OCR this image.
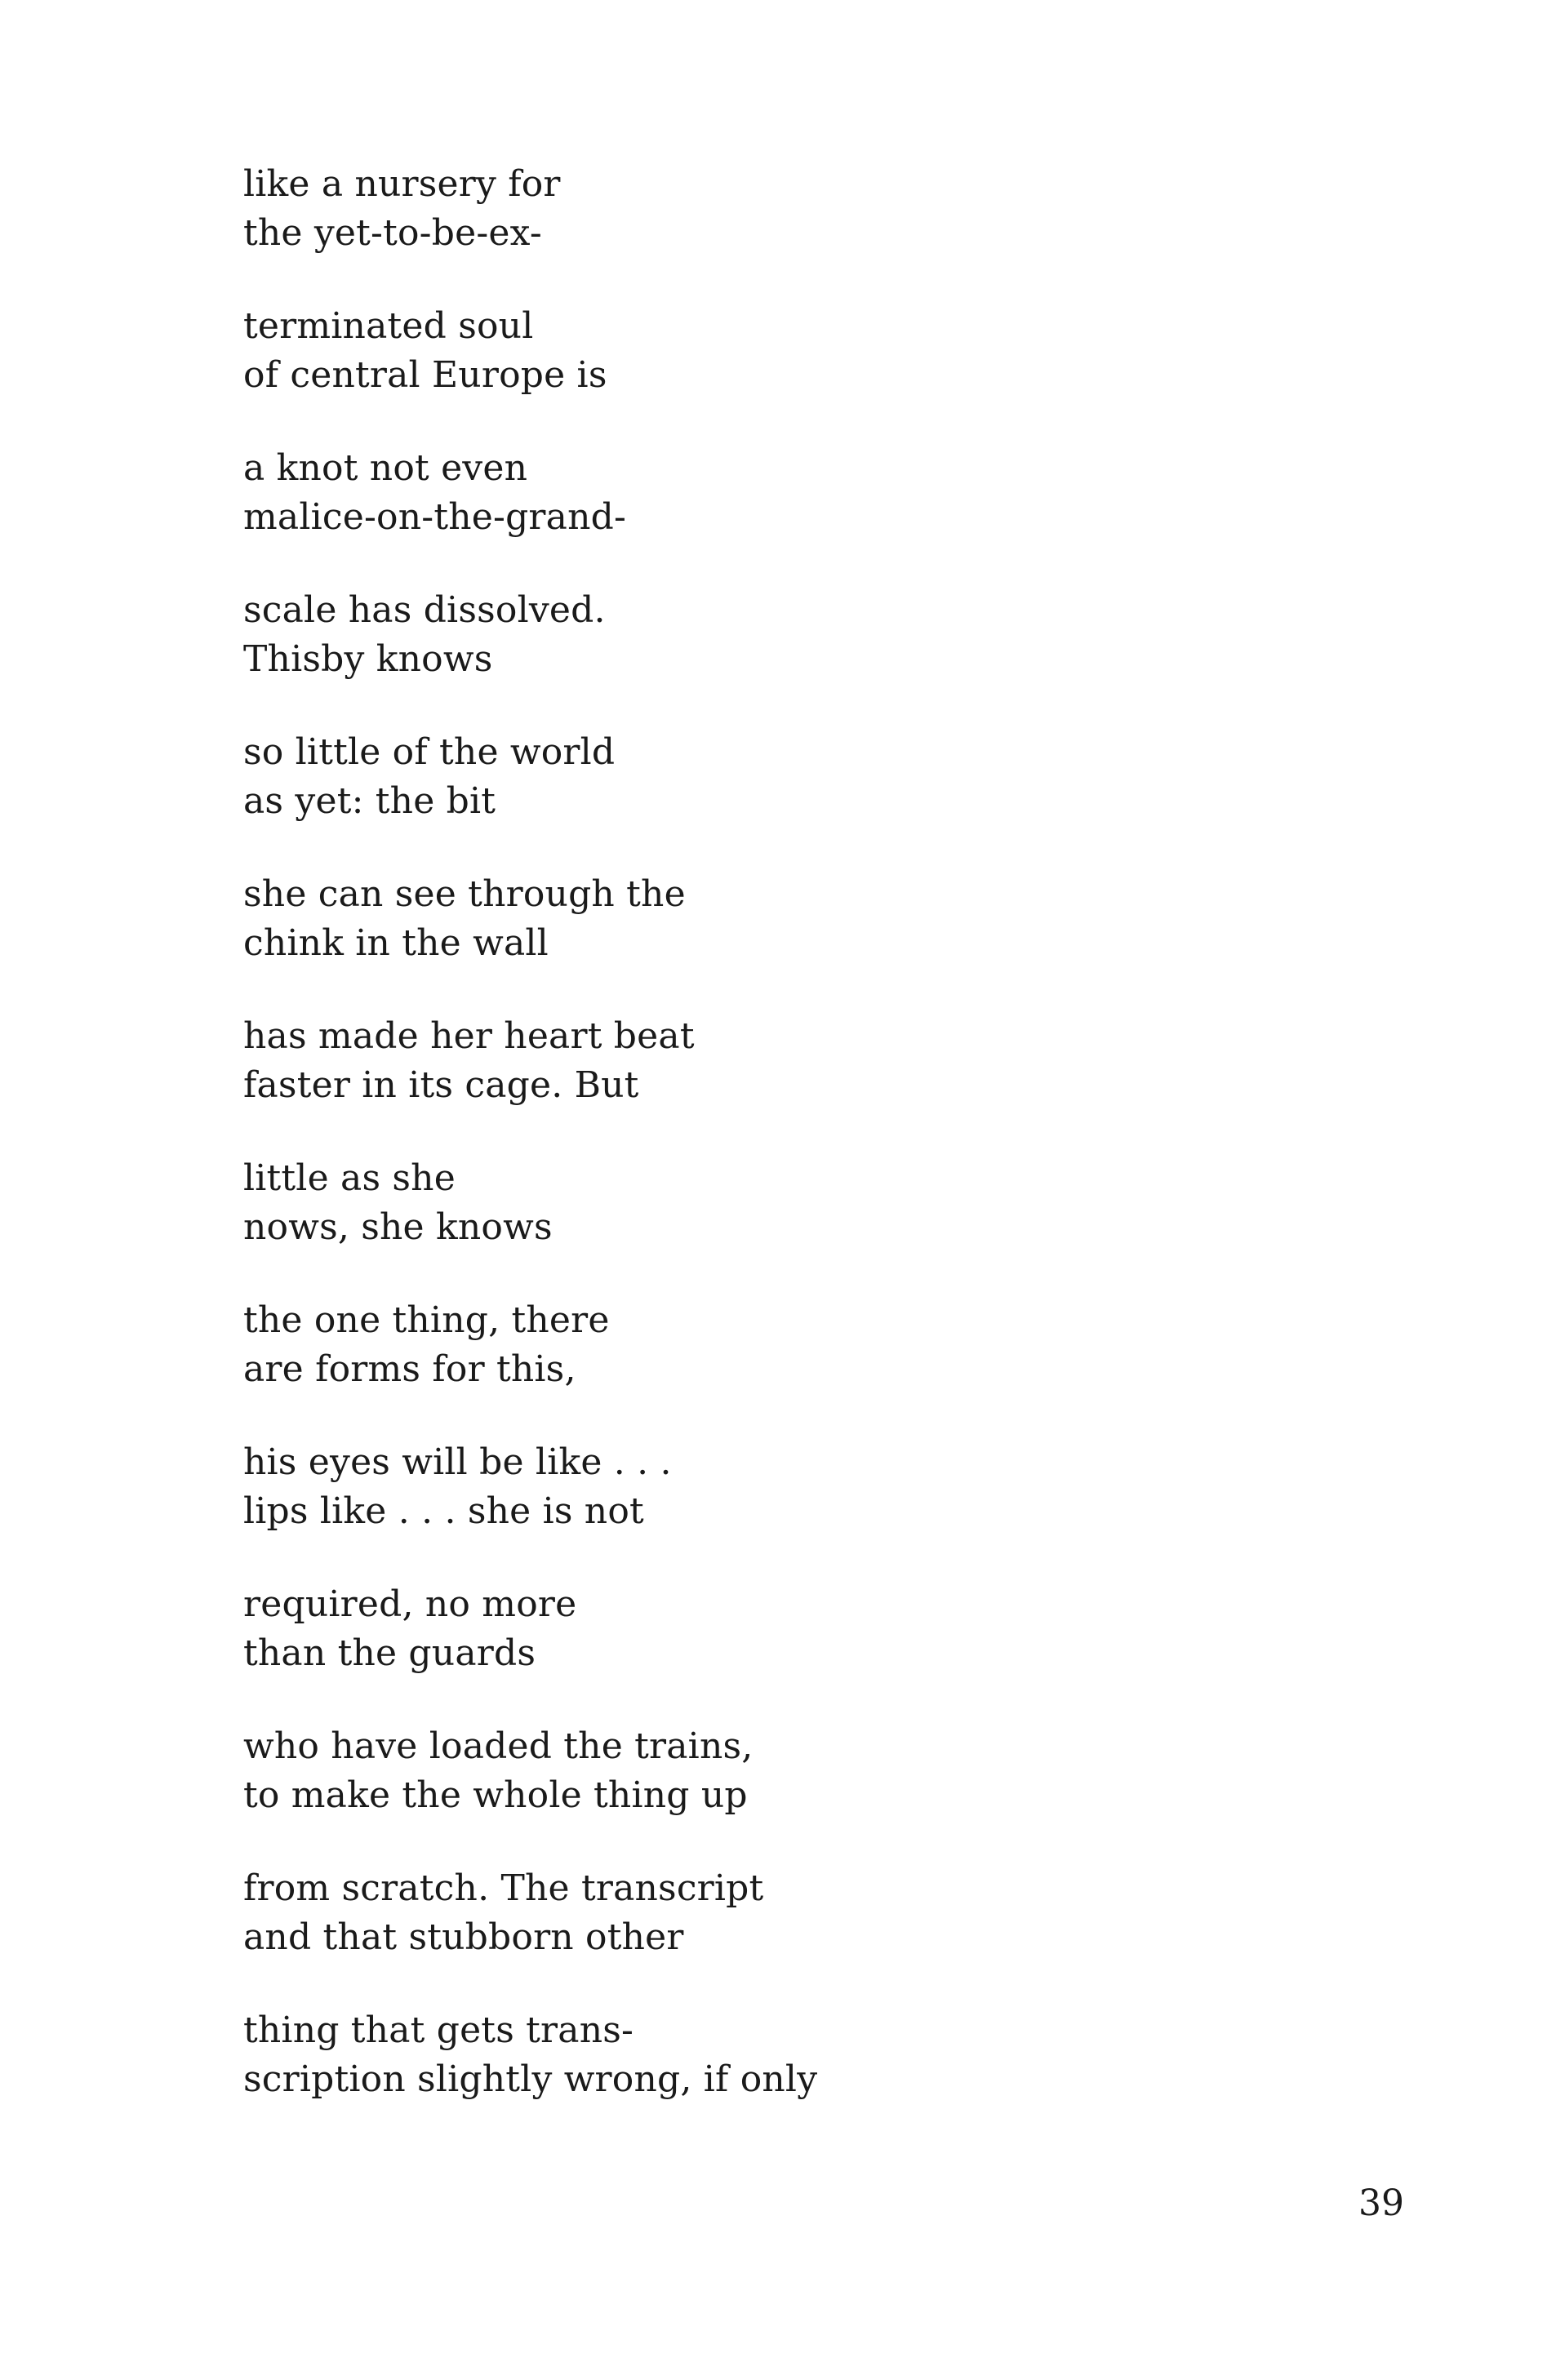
like a nursery for
the yet-to-be-ex-
terminated soul
of central Europe is
a knot not even
malice-on-the-grand-
scale has dissolved.
Thisby knows
so little of the world
as yet: the bit
she can see through the
chink in the wall
has made her heart beat
faster in its cage. But
little as she
nows, she knows
the one thing, there
are forms for this,
his eyes will be like . . .
lips like . . . she is not
required, no more
than the guards
who have loaded the trains,
to make the whole thing up
from scratch. The transcript
and that stubborn other
thing that gets trans-
scription slightly wrong, if only
39
